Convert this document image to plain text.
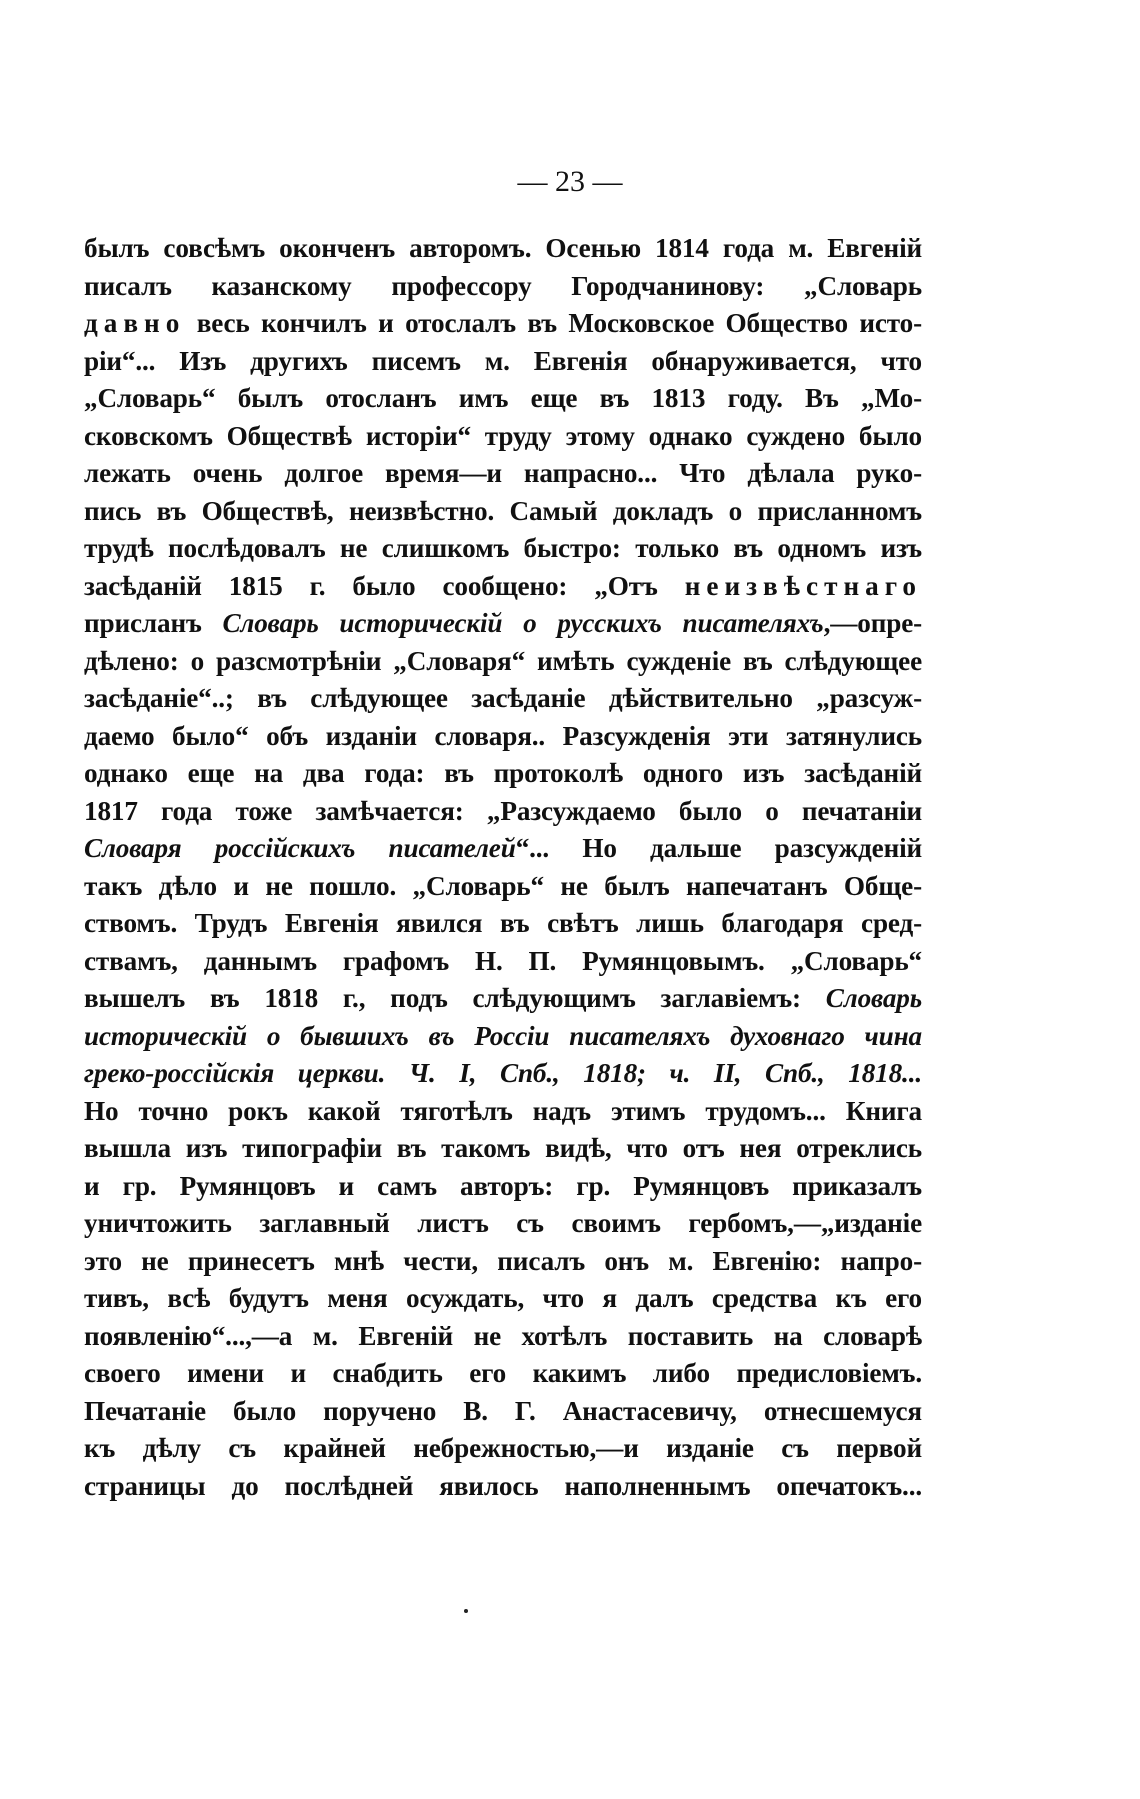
— 23 —
былъ совсѣмъ оконченъ авторомъ. Осенью 1814 года м. Евгеній
писалъ казанскому профессору Городчанинову: „Словарь
давно весь кончилъ и отослалъ въ Московское Общество исто-
ріи“... Изъ другихъ писемъ м. Евгенія обнаруживается, что
„Словарь“ былъ отосланъ имъ еще въ 1813 году. Въ „Мо-
сковскомъ Обществѣ исторіи“ труду этому однако суждено было
лежать очень долгое время—и напрасно... Что дѣлала руко-
пись въ Обществѣ, неизвѣстно. Самый докладъ о присланномъ
трудѣ послѣдовалъ не слишкомъ быстро: только въ одномъ изъ
засѣданій 1815 г. было сообщено: „Отъ неизвѣстнаго
присланъ Словарь историческій о русскихъ писателяхъ,—опре-
дѣлено: о разсмотрѣніи „Словаря“ имѣть сужденіе въ слѣдующее
засѣданіе“..; въ слѣдующее засѣданіе дѣйствительно „разсуж-
даемо было“ объ изданіи словаря.. Разсужденія эти затянулись
однако еще на два года: въ протоколѣ одного изъ засѣданій
1817 года тоже замѣчается: „Разсуждаемо было о печатаніи
Словаря россійскихъ писателей“... Но дальше разсужденій
такъ дѣло и не пошло. „Словарь“ не былъ напечатанъ Обще-
ствомъ. Трудъ Евгенія явился въ свѣтъ лишь благодаря сред-
ствамъ, даннымъ графомъ Н. П. Румянцовымъ. „Словарь“
вышелъ въ 1818 г., подъ слѣдующимъ заглавіемъ: Словарь
историческій о бывшихъ въ Россіи писателяхъ духовнаго чина
греко-россійскія церкви. Ч. I, Спб., 1818; ч. II, Спб., 1818...
Но точно рокъ какой тяготѣлъ надъ этимъ трудомъ... Книга
вышла изъ типографіи въ такомъ видѣ, что отъ нея отреклись
и гр. Румянцовъ и самъ авторъ: гр. Румянцовъ приказалъ
уничтожить заглавный листъ съ своимъ гербомъ,—„изданіе
это не принесетъ мнѣ чести, писалъ онъ м. Евгенію: напро-
тивъ, всѣ будутъ меня осуждать, что я далъ средства къ его
появленію“...,—а м. Евгеній не хотѣлъ поставить на словарѣ
своего имени и снабдить его какимъ либо предисловіемъ.
Печатаніе было поручено В. Г. Анастасевичу, отнесшемуся
къ дѣлу съ крайней небрежностью,—и изданіе съ первой
страницы до послѣдней явилось наполненнымъ опечатокъ...
